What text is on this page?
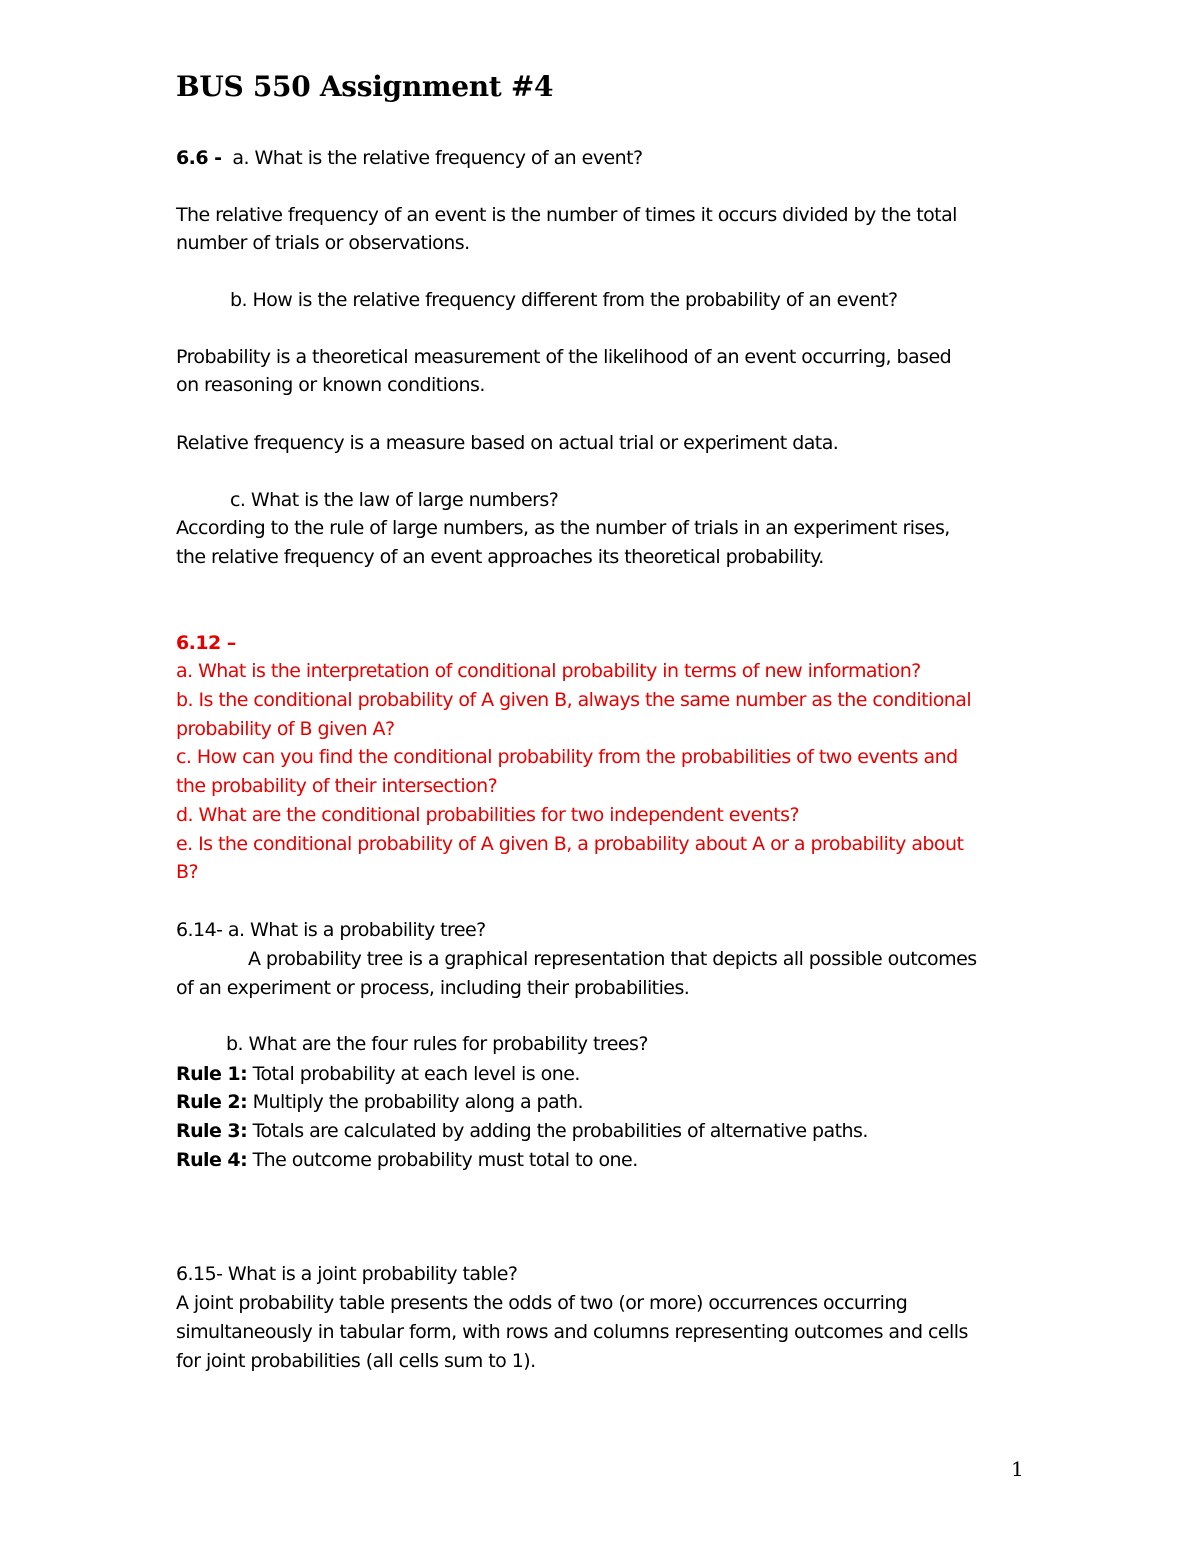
BUS 550 Assignment #4
6.6 - a. What is the relative frequency of an event?
The relative frequency of an event is the number of times it occurs divided by the total
number of trials or observations.
b. How is the relative frequency different from the probability of an event?
Probability is a theoretical measurement of the likelihood of an event occurring, based
on reasoning or known conditions.
Relative frequency is a measure based on actual trial or experiment data.
c. What is the law of large numbers?
According to the rule of large numbers, as the number of trials in an experiment rises,
the relative frequency of an event approaches its theoretical probability.
6.12 –
a. What is the interpretation of conditional probability in terms of new information?
b. Is the conditional probability of A given B, always the same number as the conditional
probability of B given A?
c. How can you find the conditional probability from the probabilities of two events and
the probability of their intersection?
d. What are the conditional probabilities for two independent events?
e. Is the conditional probability of A given B, a probability about A or a probability about
B?
6.14- a. What is a probability tree?
A probability tree is a graphical representation that depicts all possible outcomes
of an experiment or process, including their probabilities.
b. What are the four rules for probability trees?
Rule 1: Total probability at each level is one.
Rule 2: Multiply the probability along a path.
Rule 3: Totals are calculated by adding the probabilities of alternative paths.
Rule 4: The outcome probability must total to one.
6.15- What is a joint probability table?
A joint probability table presents the odds of two (or more) occurrences occurring
simultaneously in tabular form, with rows and columns representing outcomes and cells
for joint probabilities (all cells sum to 1).
1
